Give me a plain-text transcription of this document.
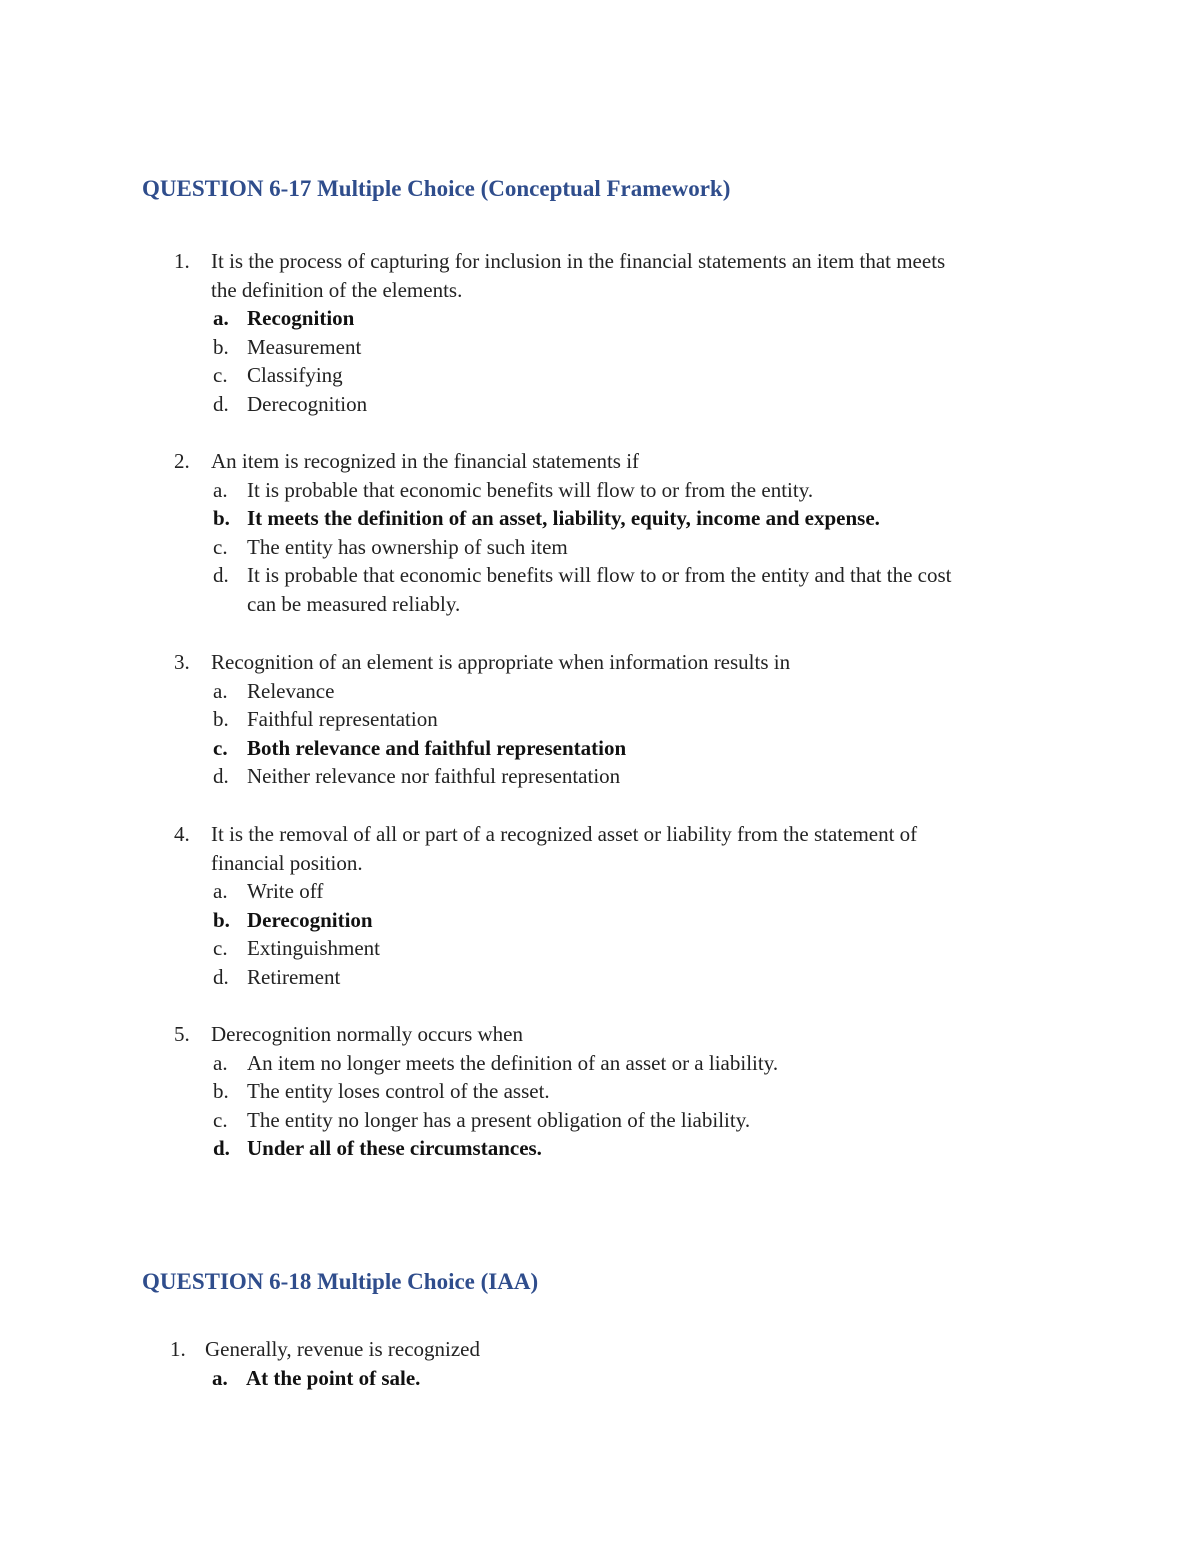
QUESTION 6-17 Multiple Choice (Conceptual Framework)
1. It is the process of capturing for inclusion in the financial statements an item that meets
the definition of the elements.
a. Recognition
b. Measurement
c. Classifying
d. Derecognition
2. An item is recognized in the financial statements if
a. It is probable that economic benefits will flow to or from the entity.
b. It meets the definition of an asset, liability, equity, income and expense.
c. The entity has ownership of such item
d. It is probable that economic benefits will flow to or from the entity and that the cost
can be measured reliably.
3. Recognition of an element is appropriate when information results in
a. Relevance
b. Faithful representation
c. Both relevance and faithful representation
d. Neither relevance nor faithful representation
4. It is the removal of all or part of a recognized asset or liability from the statement of
financial position.
a. Write off
b. Derecognition
c. Extinguishment
d. Retirement
5. Derecognition normally occurs when
a. An item no longer meets the definition of an asset or a liability.
b. The entity loses control of the asset.
c. The entity no longer has a present obligation of the liability.
d. Under all of these circumstances.
QUESTION 6-18 Multiple Choice (IAA)
1. Generally, revenue is recognized
a. At the point of sale.
